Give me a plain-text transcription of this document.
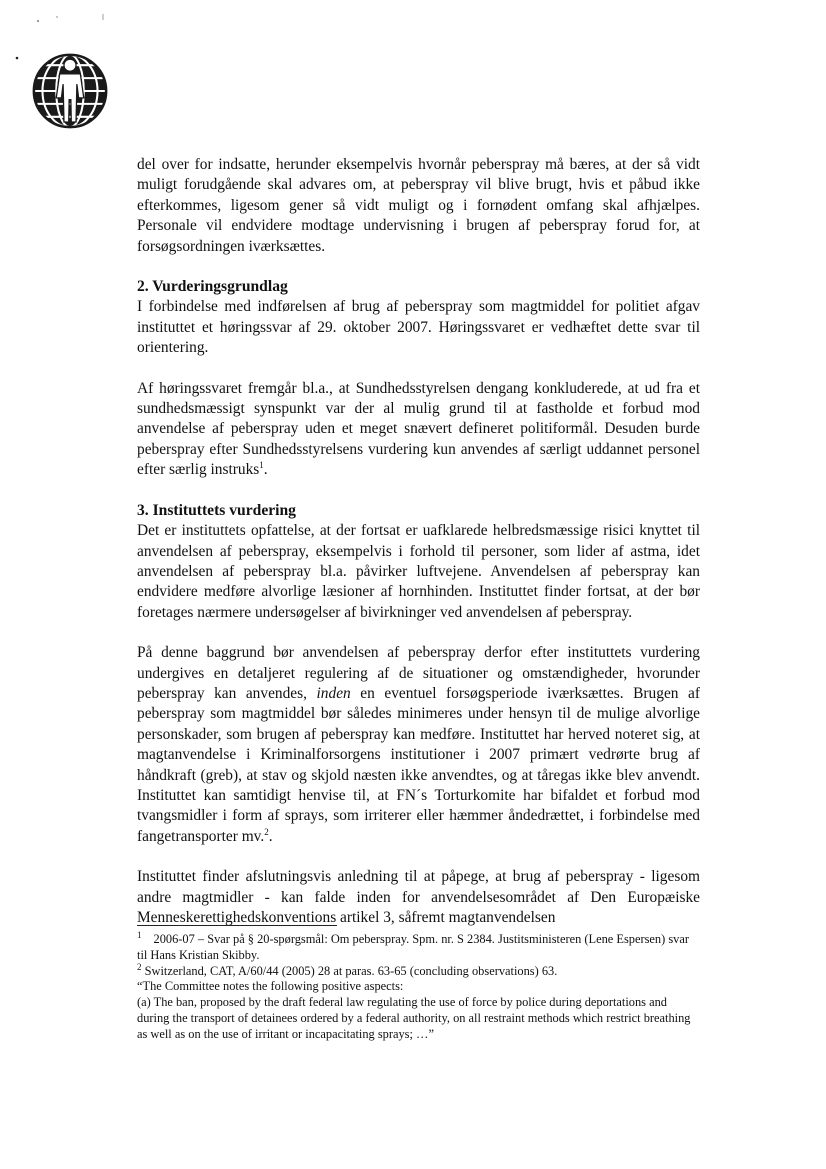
del over for indsatte, herunder eksempelvis hvornår peberspray må bæres, at der så vidt muligt forudgående skal advares om, at peberspray vil blive brugt, hvis et påbud ikke efterkommes, ligesom gener så vidt muligt og i fornødent omfang skal afhjælpes. Personale vil endvidere modtage undervisning i brugen af peberspray forud for, at forsøgsordningen iværksættes.

2. Vurderingsgrundlag

I forbindelse med indførelsen af brug af peberspray som magtmiddel for politiet afgav instituttet et høringssvar af 29. oktober 2007. Høringssvaret er vedhæftet dette svar til orientering.

Af høringssvaret fremgår bl.a., at Sundhedsstyrelsen dengang konkluderede, at ud fra et sundhedsmæssigt synspunkt var der al mulig grund til at fastholde et forbud mod anvendelse af peberspray uden et meget snævert defineret politiformål. Desuden burde peberspray efter Sundhedsstyrelsens vurdering kun anvendes af særligt uddannet personel efter særlig instruks$^1$.

3. Instituttets vurdering

Det er instituttets opfattelse, at der fortsat er uafklarede helbredsmæssige risici knyttet til anvendelsen af peberspray, eksempelvis i forhold til personer, som lider af astma, idet anvendelsen af peberspray bl.a. påvirker luftvejene. Anvendelsen af peberspray kan endvidere medføre alvorlige læsioner af hornhinden. Instituttet finder fortsat, at der bør foretages nærmere undersøgelser af bivirkninger ved anvendelsen af peberspray.

På denne baggrund bør anvendelsen af peberspray derfor efter instituttets vurdering undergives en detaljeret regulering af de situationer og omstændigheder, hvorunder peberspray kan anvendes, inden en eventuel forsøgsperiode iværksættes. Brugen af peberspray som magtmiddel bør således minimeres under hensyn til de mulige alvorlige personskader, som brugen af peberspray kan medføre. Instituttet har herved noteret sig, at magtanvendelse i Kriminalforsorgens institutioner i 2007 primært vedrørte brug af håndkraft (greb), at stav og skjold næsten ikke anvendtes, og at tåregas ikke blev anvendt. Instituttet kan samtidigt henvise til, at FN´s Torturkomite har bifaldet et forbud mod tvangsmidler i form af sprays, som irriterer eller hæmmer åndedrættet, i forbindelse med fangetransporter mv.$^2$.

Instituttet finder afslutningsvis anledning til at påpege, at brug af peberspray - ligesom andre magtmidler - kan falde inden for anvendelsesområdet af Den Europæiske Menneskerettighedskonventions artikel 3, såfremt magtanvendelsen

$^1$ 2006-07 – Svar på § 20-spørgsmål: Om peberspray. Spm. nr. S 2384. Justitsministeren (Lene Espersen) svar til Hans Kristian Skibby.
$^2$ Switzerland, CAT, A/60/44 (2005) 28 at paras. 63-65 (concluding observations) 63.
“The Committee notes the following positive aspects:
(a) The ban, proposed by the draft federal law regulating the use of force by police during deportations and during the transport of detainees ordered by a federal authority, on all restraint methods which restrict breathing as well as on the use of irritant or incapacitating sprays; …”
